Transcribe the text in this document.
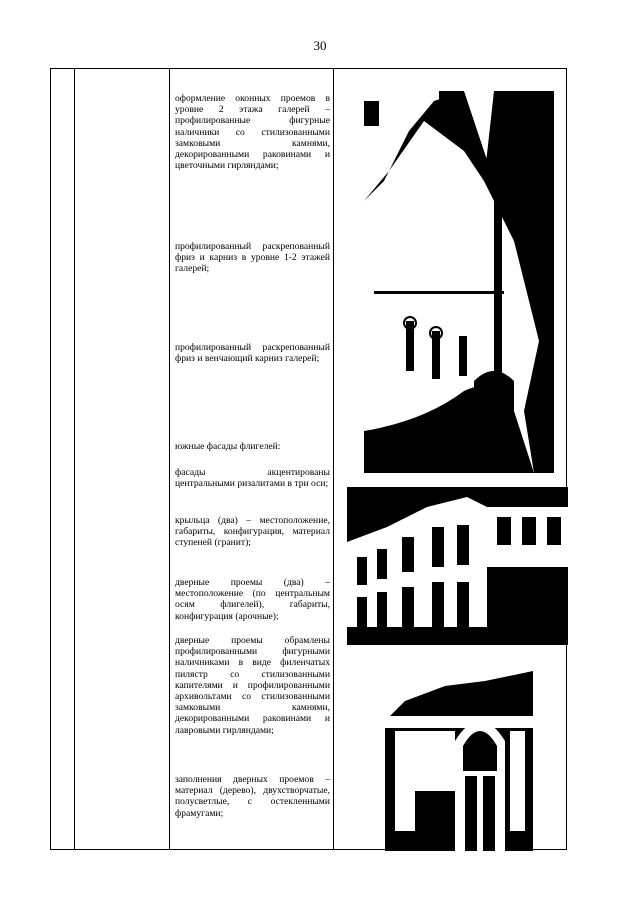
30

оформление оконных проемов в уровне 2 этажа галерей – профилированные фигурные наличники со стилизованными замковыми камнями, декорированными раковинами и цветочными гирляндами;

профилированный раскрепованный фриз и карниз в уровне 1-2 этажей галерей;

профилированный раскрепованный фриз и венчающий карниз галерей;

южные фасады флигелей:

фасады акцентированы центральными ризалитами в три оси;

крыльца (два) – местоположение, габариты, конфигурация, материал ступеней (гранит);

дверные проемы (два) – местоположение (по центральным осям флигелей), габариты, конфигурация (арочные);

дверные проемы обрамлены профилированными фигурными наличниками в виде филенчатых пилястр со стилизованными капителями и профилированными архивольтами со стилизованными замковыми камнями, декорированными раковинами и лавровыми гирляндами;

заполнения дверных проемов – материал (дерево), двухстворчатые, полусветлые, с остекленными фрамугами;
